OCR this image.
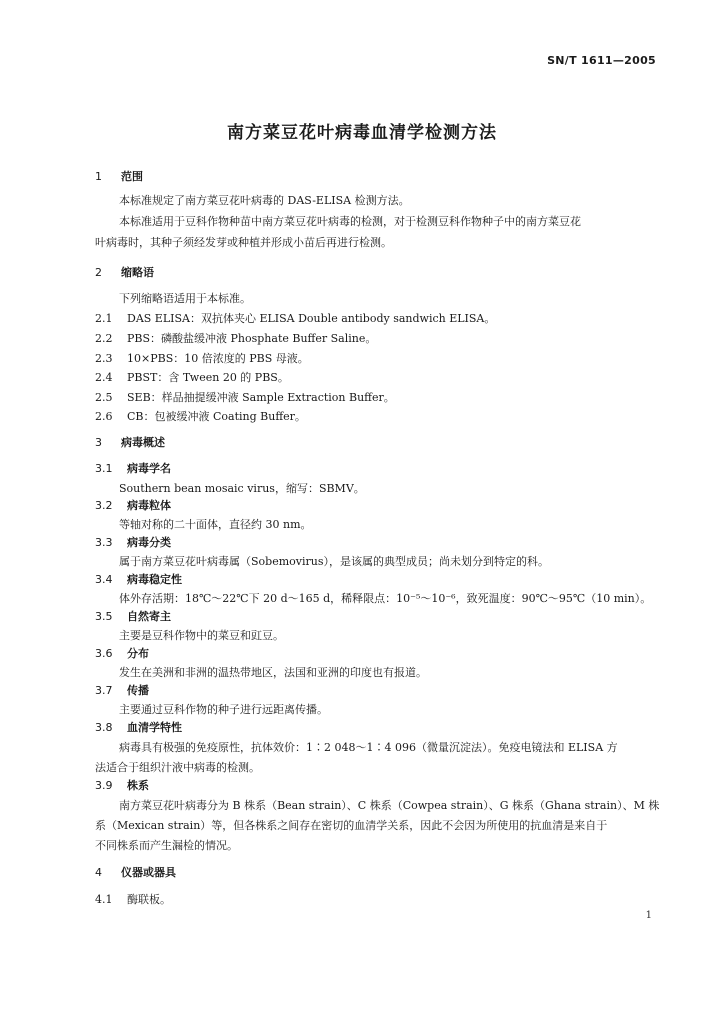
SN/T 1611—2005
南方菜豆花叶病毒血清学检测方法
1 范围
本标准规定了南方菜豆花叶病毒的 DAS-ELISA 检测方法。
本标准适用于豆科作物种苗中南方菜豆花叶病毒的检测，对于检测豆科作物种子中的南方菜豆花
叶病毒时，其种子须经发芽或种植并形成小苗后再进行检测。
2 缩略语
下列缩略语适用于本标准。
2.1 DAS ELISA：双抗体夹心 ELISA Double antibody sandwich ELISA。
2.2 PBS：磷酸盐缓冲液 Phosphate Buffer Saline。
2.3 10×PBS：10 倍浓度的 PBS 母液。
2.4 PBST：含 Tween 20 的 PBS。
2.5 SEB：样品抽提缓冲液 Sample Extraction Buffer。
2.6 CB：包被缓冲液 Coating Buffer。
3 病毒概述
3.1 病毒学名
Southern bean mosaic virus，缩写：SBMV。
3.2 病毒粒体
等轴对称的二十面体，直径约 30 nm。
3.3 病毒分类
属于南方菜豆花叶病毒属（Sobemovirus），是该属的典型成员；尚未划分到特定的科。
3.4 病毒稳定性
体外存活期：18℃～22℃下 20 d～165 d，稀释限点：10⁻⁵～10⁻⁶，致死温度：90℃～95℃（10 min）。
3.5 自然寄主
主要是豆科作物中的菜豆和豇豆。
3.6 分布
发生在美洲和非洲的温热带地区，法国和亚洲的印度也有报道。
3.7 传播
主要通过豆科作物的种子进行远距离传播。
3.8 血清学特性
病毒具有极强的免疫原性，抗体效价：1∶2 048～1∶4 096（微量沉淀法）。免疫电镜法和 ELISA 方
法适合于组织汁液中病毒的检测。
3.9 株系
南方菜豆花叶病毒分为 B 株系（Bean strain）、C 株系（Cowpea strain）、G 株系（Ghana strain）、M 株
系（Mexican strain）等，但各株系之间存在密切的血清学关系，因此不会因为所使用的抗血清是来自于
不同株系而产生漏检的情况。
4 仪器或器具
4.1 酶联板。
1
